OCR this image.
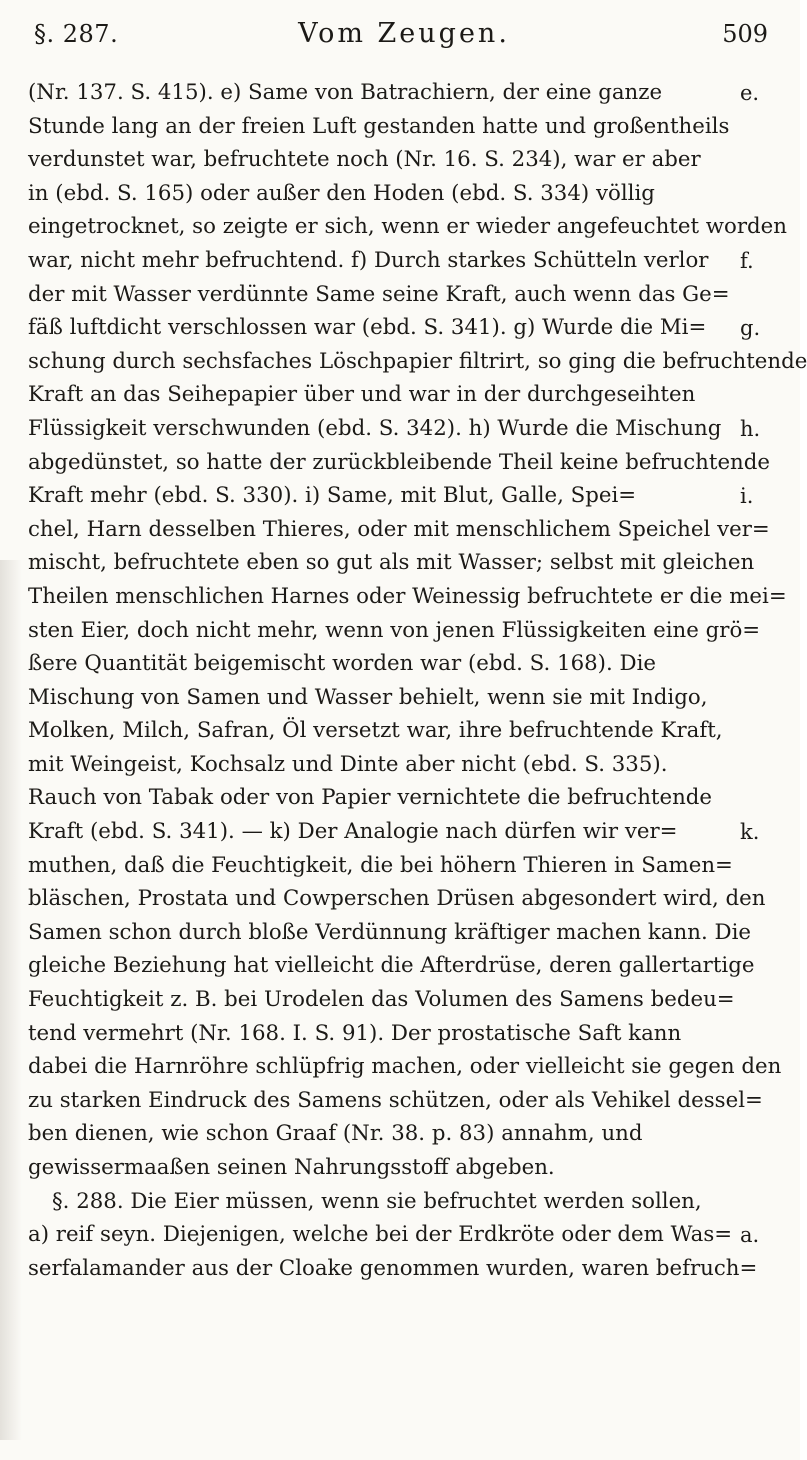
§. 287.	Vom Zeugen.	509
(Nr. 137. S. 415). e) Same von Batrachiern, der eine ganze
Stunde lang an der freien Luft gestanden hatte und großentheils
verdunstet war, befruchtete noch (Nr. 16. S. 234), war er aber
in (ebd. S. 165) oder außer den Hoden (ebd. S. 334) völlig
eingetrocknet, so zeigte er sich, wenn er wieder angefeuchtet worden
war, nicht mehr befruchtend. f) Durch starkes Schütteln verlor
der mit Wasser verdünnte Same seine Kraft, auch wenn das Ge=
fäß luftdicht verschlossen war (ebd. S. 341). g) Wurde die Mi=
schung durch sechsfaches Löschpapier filtrirt, so ging die befruchtende
Kraft an das Seihepapier über und war in der durchgeseihten
Flüssigkeit verschwunden (ebd. S. 342). h) Wurde die Mischung
abgedünstet, so hatte der zurückbleibende Theil keine befruchtende
Kraft mehr (ebd. S. 330). i) Same, mit Blut, Galle, Spei=
chel, Harn desselben Thieres, oder mit menschlichem Speichel ver=
mischt, befruchtete eben so gut als mit Wasser; selbst mit gleichen
Theilen menschlichen Harnes oder Weinessig befruchtete er die mei=
sten Eier, doch nicht mehr, wenn von jenen Flüssigkeiten eine grö=
ßere Quantität beigemischt worden war (ebd. S. 168). Die
Mischung von Samen und Wasser behielt, wenn sie mit Indigo,
Molken, Milch, Safran, Öl versetzt war, ihre befruchtende Kraft,
mit Weingeist, Kochsalz und Dinte aber nicht (ebd. S. 335).
Rauch von Tabak oder von Papier vernichtete die befruchtende
Kraft (ebd. S. 341). — k) Der Analogie nach dürfen wir ver=
muthen, daß die Feuchtigkeit, die bei höhern Thieren in Samen=
bläschen, Prostata und Cowperschen Drüsen abgesondert wird, den
Samen schon durch bloße Verdünnung kräftiger machen kann. Die
gleiche Beziehung hat vielleicht die Afterdrüse, deren gallertartige
Feuchtigkeit z. B. bei Urodelen das Volumen des Samens bedeu=
tend vermehrt (Nr. 168. I. S. 91). Der prostatische Saft kann
dabei die Harnröhre schlüpfrig machen, oder vielleicht sie gegen den
zu starken Eindruck des Samens schützen, oder als Vehikel dessel=
ben dienen, wie schon Graaf (Nr. 38. p. 83) annahm, und
gewissermaaßen seinen Nahrungsstoff abgeben.
§. 288. Die Eier müssen, wenn sie befruchtet werden sollen,
a) reif seyn. Diejenigen, welche bei der Erdkröte oder dem Was=
serfalamander aus der Cloake genommen wurden, waren befruch=
e.
f.
g.
h.
i.
k.
a.
